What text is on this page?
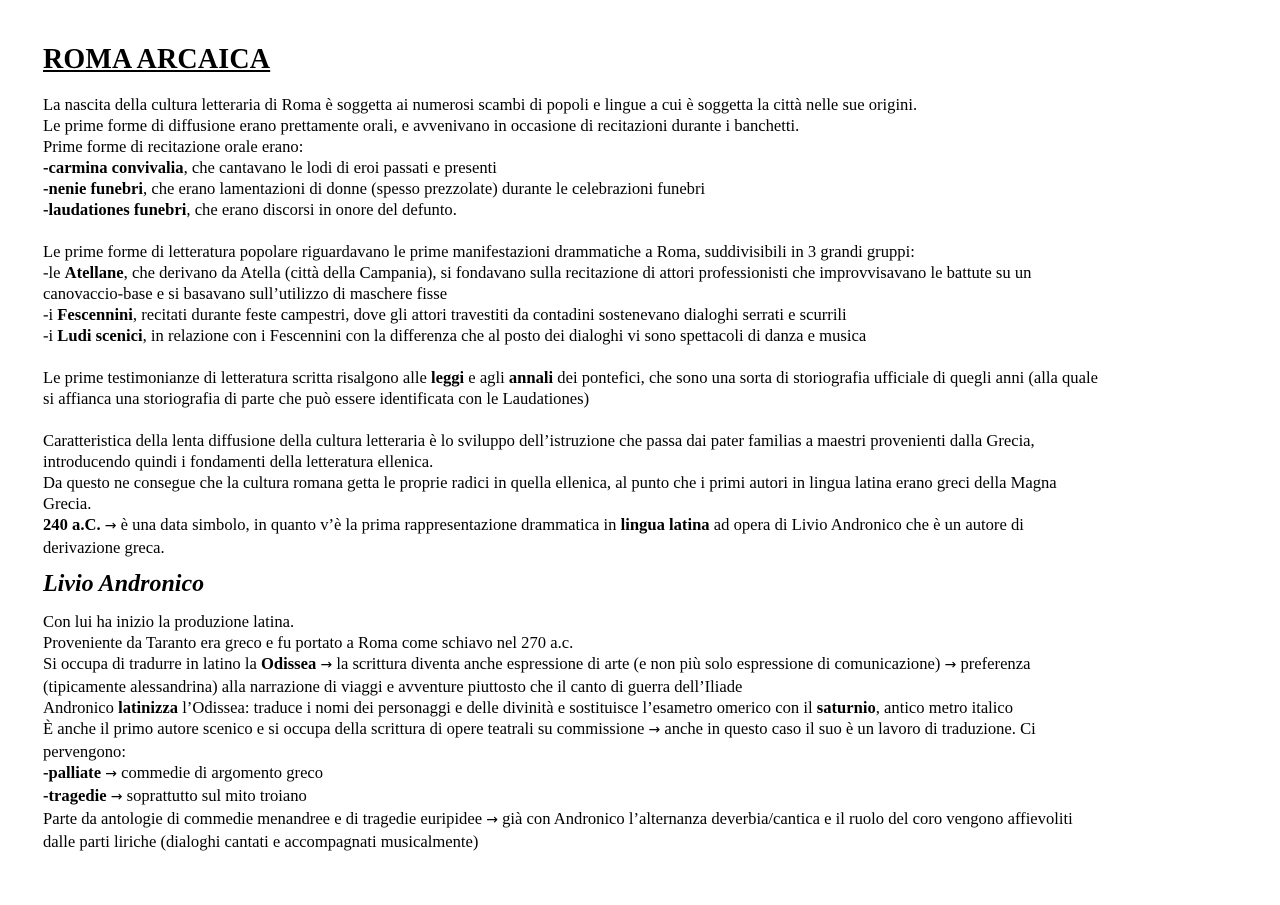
ROMA ARCAICA
La nascita della cultura letteraria di Roma è soggetta ai numerosi scambi di popoli e lingue a cui è soggetta la città nelle sue origini.
Le prime forme di diffusione erano prettamente orali, e avvenivano in occasione di recitazioni durante i banchetti.
Prime forme di recitazione orale erano:
-carmina convivalia, che cantavano le lodi di eroi passati e presenti
-nenie funebri, che erano lamentazioni di donne (spesso prezzolate) durante le celebrazioni funebri
-laudationes funebri, che erano discorsi in onore del defunto.
Le prime forme di letteratura popolare riguardavano le prime manifestazioni drammatiche a Roma, suddivisibili in 3 grandi gruppi:
-le Atellane, che derivano da Atella (città della Campania), si fondavano sulla recitazione di attori professionisti che improvvisavano le battute su un
canovaccio-base e si basavano sull’utilizzo di maschere fisse
-i Fescennini, recitati durante feste campestri, dove gli attori travestiti da contadini sostenevano dialoghi serrati e scurrili
-i Ludi scenici, in relazione con i Fescennini con la differenza che al posto dei dialoghi vi sono spettacoli di danza e musica
Le prime testimonianze di letteratura scritta risalgono alle leggi e agli annali dei pontefici, che sono una sorta di storiografia ufficiale di quegli anni (alla quale
si affianca una storiografia di parte che può essere identificata con le Laudationes)
Caratteristica della lenta diffusione della cultura letteraria è lo sviluppo dell’istruzione che passa dai pater familias a maestri provenienti dalla Grecia,
introducendo quindi i fondamenti della letteratura ellenica.
Da questo ne consegue che la cultura romana getta le proprie radici in quella ellenica, al punto che i primi autori in lingua latina erano greci della Magna
Grecia.
240 a.C. → è una data simbolo, in quanto v’è la prima rappresentazione drammatica in lingua latina ad opera di Livio Andronico che è un autore di
derivazione greca.
Livio Andronico
Con lui ha inizio la produzione latina.
Proveniente da Taranto era greco e fu portato a Roma come schiavo nel 270 a.c.
Si occupa di tradurre in latino la Odissea → la scrittura diventa anche espressione di arte (e non più solo espressione di comunicazione) → preferenza
(tipicamente alessandrina) alla narrazione di viaggi e avventure piuttosto che il canto di guerra dell’Iliade
Andronico latinizza l’Odissea: traduce i nomi dei personaggi e delle divinità e sostituisce l’esametro omerico con il saturnio, antico metro italico
È anche il primo autore scenico e si occupa della scrittura di opere teatrali su commissione → anche in questo caso il suo è un lavoro di traduzione. Ci
pervengono:
-palliate → commedie di argomento greco
-tragedie → soprattutto sul mito troiano
Parte da antologie di commedie menandree e di tragedie euripidee → già con Andronico l’alternanza deverbia/cantica e il ruolo del coro vengono affievoliti
dalle parti liriche (dialoghi cantati e accompagnati musicalmente)
